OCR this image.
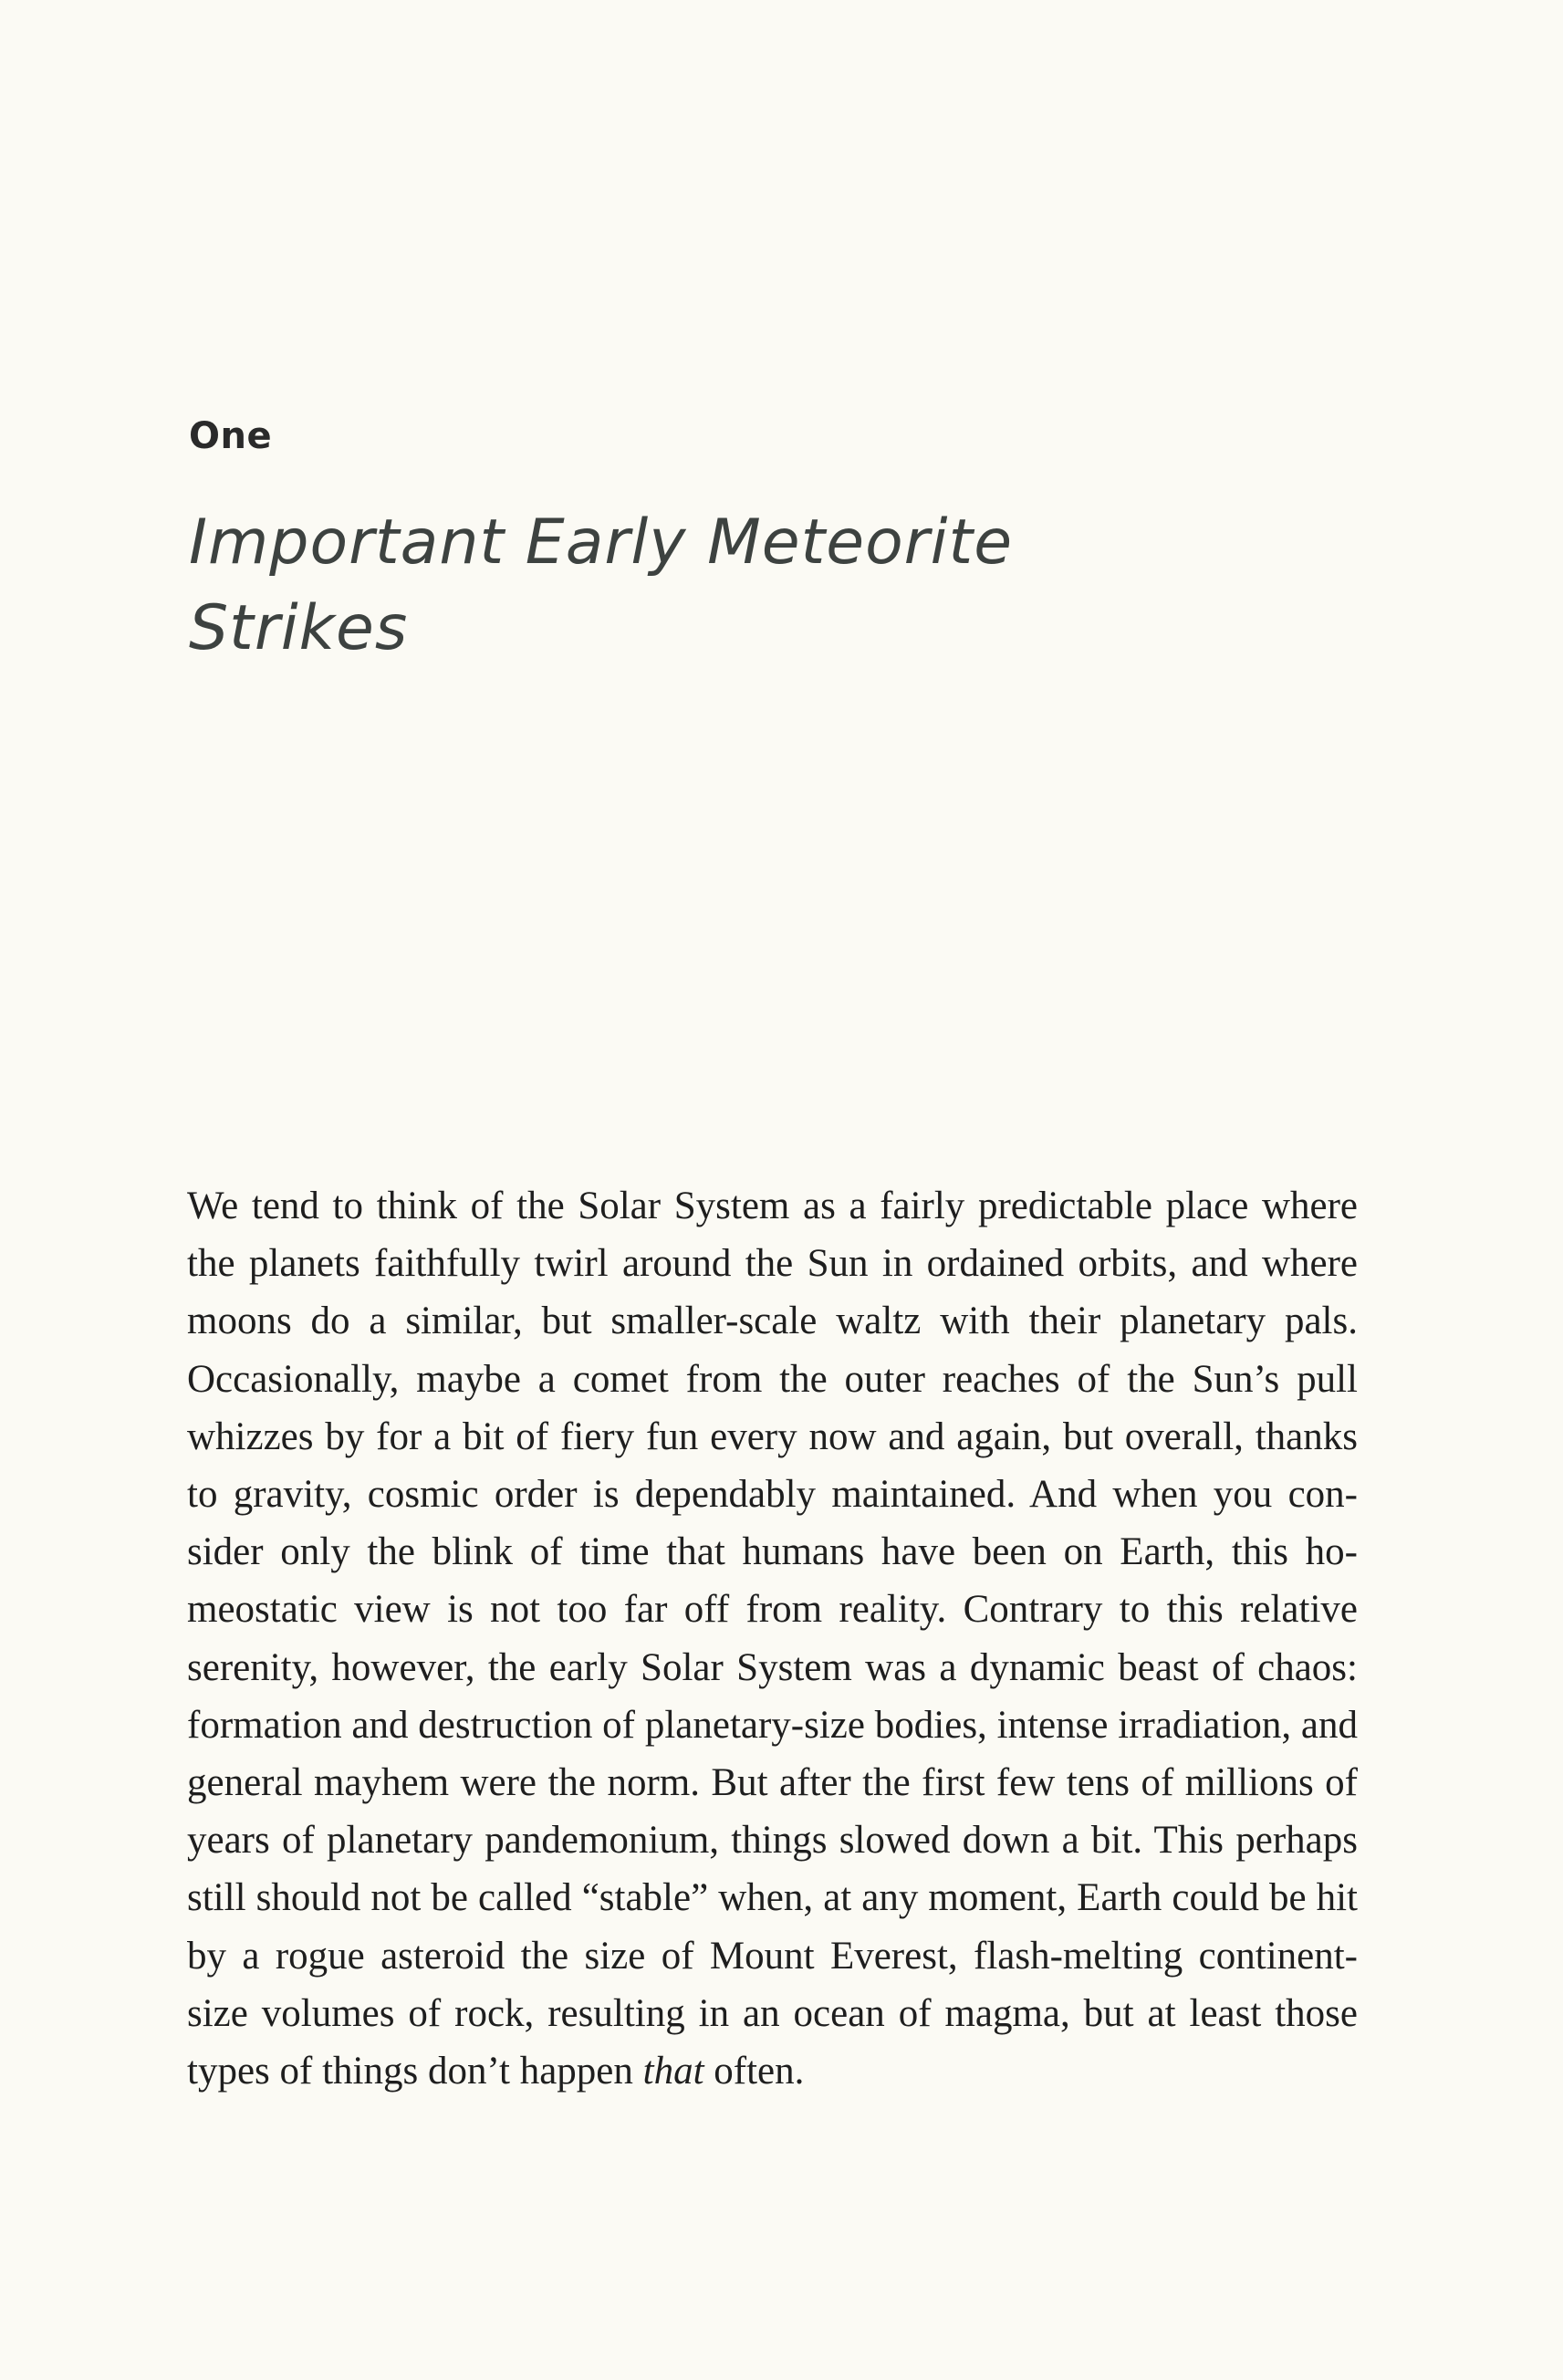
One
Important Early Meteorite Strikes

We tend to think of the Solar System as a fairly predictable place where the planets faithfully twirl around the Sun in ordained orbits, and where moons do a similar, but smaller-scale waltz with their planetary pals. Occasionally, maybe a comet from the outer reaches of the Sun’s pull whizzes by for a bit of fiery fun every now and again, but overall, thanks to gravity, cosmic order is dependably maintained. And when you consider only the blink of time that humans have been on Earth, this homeostatic view is not too far off from reality. Contrary to this relative serenity, however, the early Solar System was a dynamic beast of chaos: formation and destruction of planetary-size bodies, intense irradiation, and general mayhem were the norm. But after the first few tens of millions of years of planetary pandemonium, things slowed down a bit. This perhaps still should not be called “stable” when, at any moment, Earth could be hit by a rogue asteroid the size of Mount Everest, flash-melting continent-size volumes of rock, resulting in an ocean of magma, but at least those types of things don’t happen that often.
